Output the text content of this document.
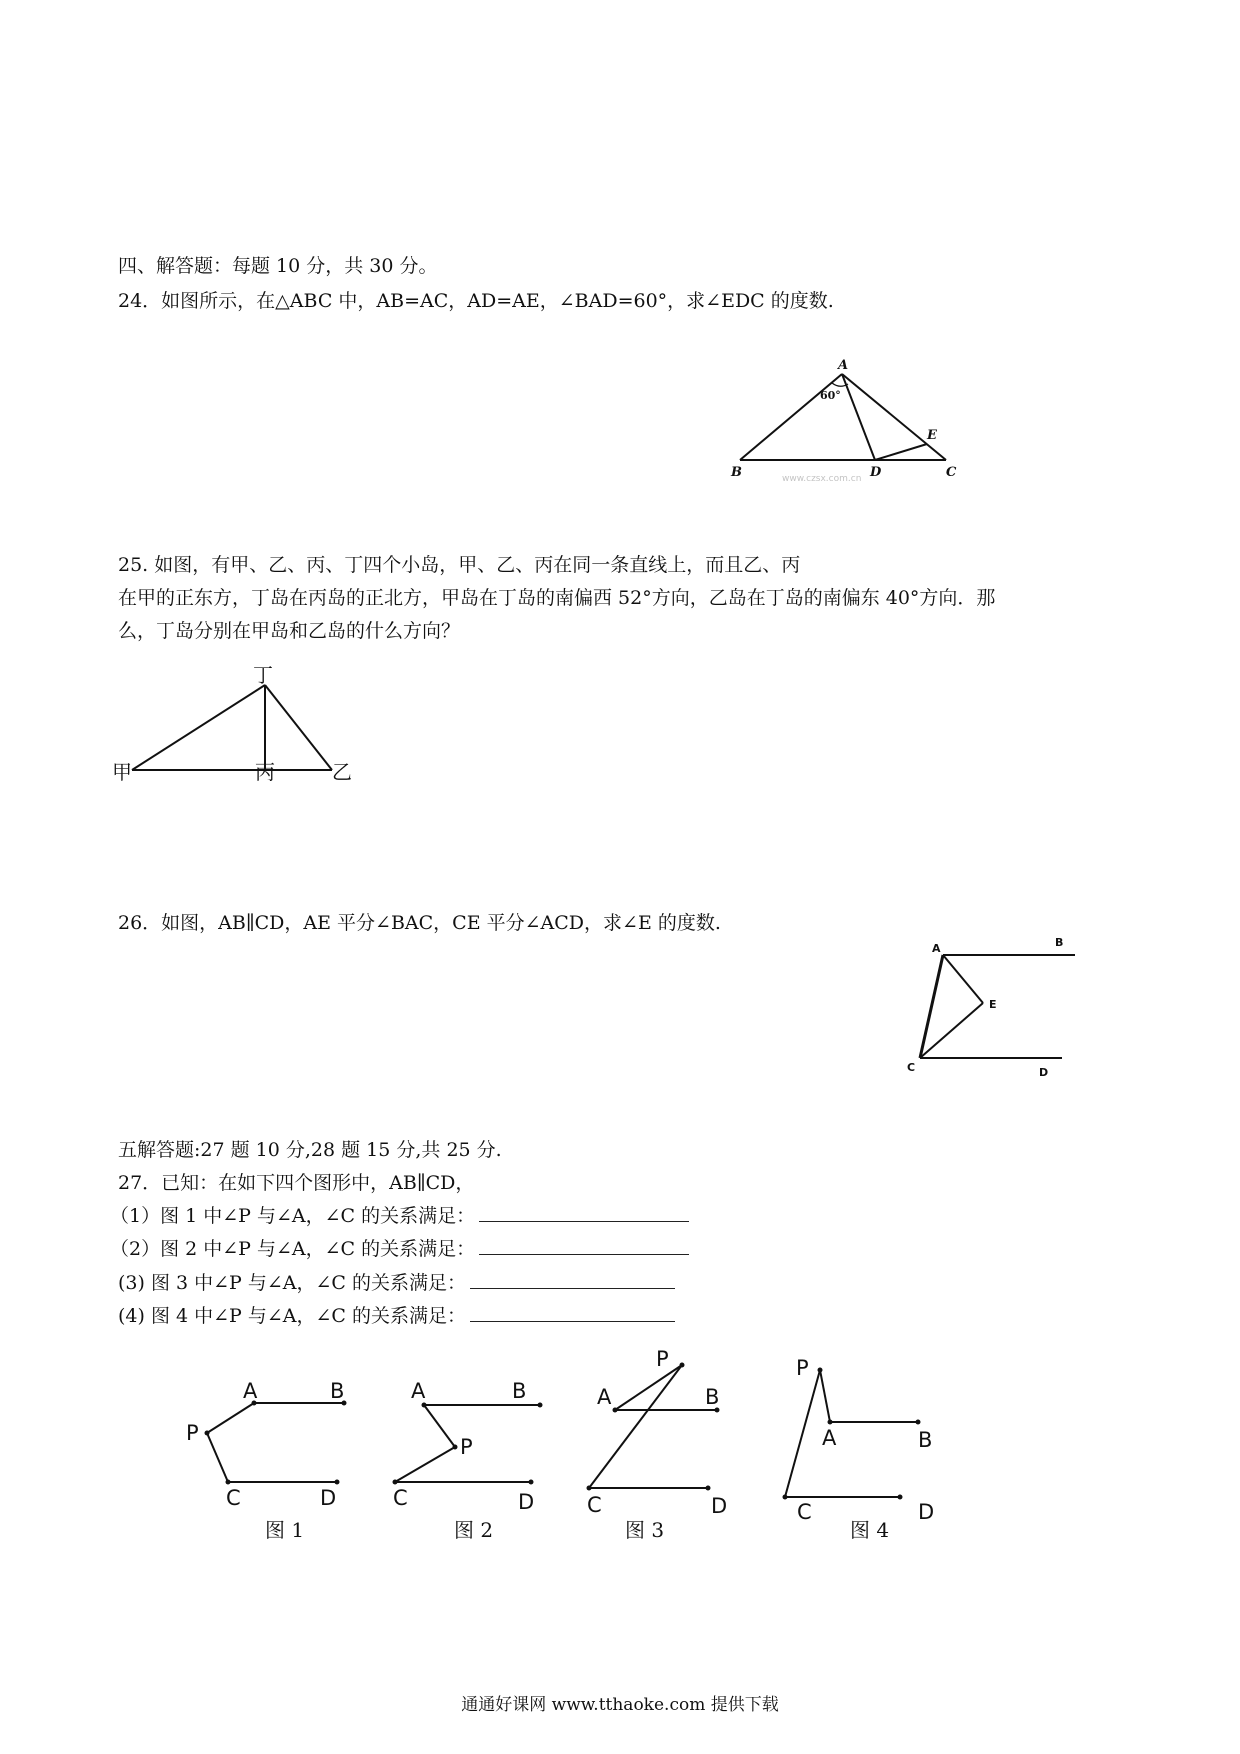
四、解答题：每题 10 分，共 30 分。
24．如图所示，在△ABC 中，AB=AC，AD=AE，∠BAD=60°，求∠EDC 的度数.
A
B	C
D
E
60°
www.czsx.com.cn
25. 如图，有甲、乙、丙、丁四个小岛，甲、乙、丙在同一条直线上，而且乙、丙
在甲的正东方，丁岛在丙岛的正北方，甲岛在丁岛的南偏西 52°方向，乙岛在丁岛的南偏东 40°方向．那
么，丁岛分别在甲岛和乙岛的什么方向？
丁
甲	丙	乙
26．如图，AB∥CD，AE 平分∠BAC，CE 平分∠ACD，求∠E 的度数.
A	B
C	D
E
五解答题:27 题 10 分,28 题 15 分,共 25 分.
27．已知：在如下四个图形中，AB∥CD，
（1）图 1 中∠P 与∠A，∠C 的关系满足：
（2）图 2 中∠P 与∠A，∠C 的关系满足：
(3) 图 3 中∠P 与∠A，∠C 的关系满足：
(4) 图 4 中∠P 与∠A，∠C 的关系满足：
A	B
P
C	D
A	B
P
C	D
P
A	B
C	D
P
A	B
C	D
图 1	图 2	图 3	图 4
通通好课网 www.tthaoke.com 提供下载
